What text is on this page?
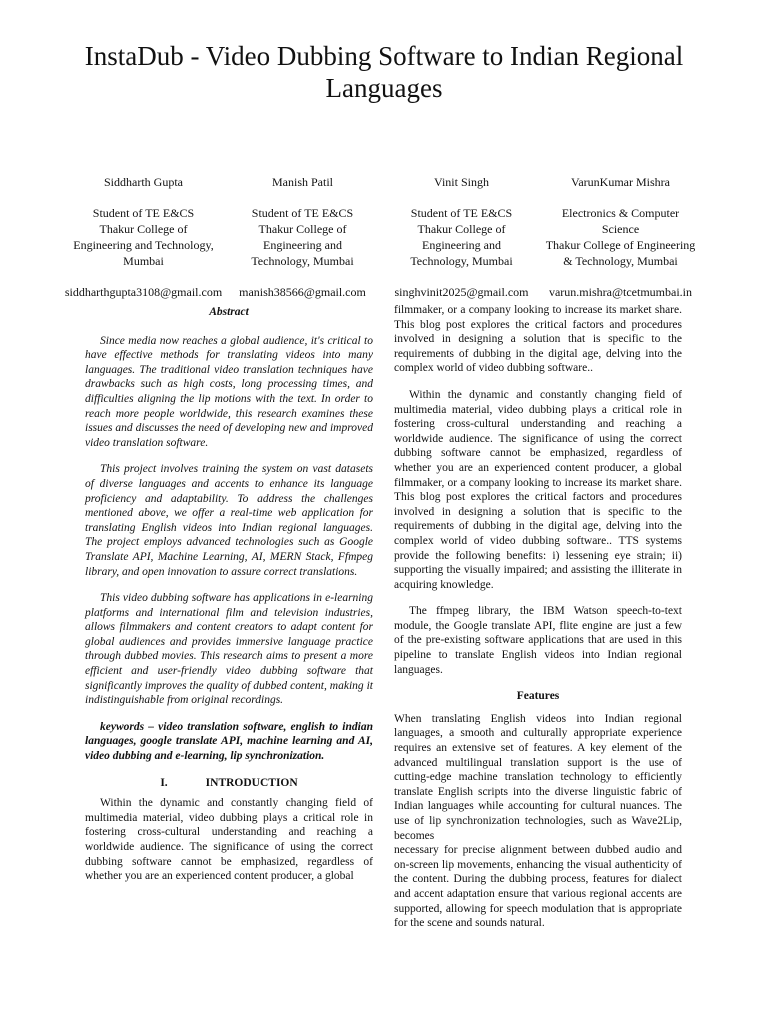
InstaDub - Video Dubbing Software to Indian Regional Languages

Siddharth Gupta

Student of TE E&CS
Thakur College of
Engineering and Technology,
Mumbai

siddharthgupta3108@gmail.com

Manish Patil

Student of TE E&CS
Thakur College of
Engineering and
Technology, Mumbai

manish38566@gmail.com

Vinit Singh

Student of TE E&CS
Thakur College of
Engineering and
Technology, Mumbai

singhvinit2025@gmail.com

VarunKumar Mishra

Electronics & Computer
Science
Thakur College of Engineering
& Technology, Mumbai

varun.mishra@tcetmumbai.in

Abstract

Since media now reaches a global audience, it's critical to have effective methods for translating videos into many languages. The traditional video translation techniques have drawbacks such as high costs, long processing times, and difficulties aligning the lip motions with the text. In order to reach more people worldwide, this research examines these issues and discusses the need of developing new and improved video translation software.

This project involves training the system on vast datasets of diverse languages and accents to enhance its language proficiency and adaptability. To address the challenges mentioned above, we offer a real-time web application for translating English videos into Indian regional languages. The project employs advanced technologies such as Google Translate API, Machine Learning, AI, MERN Stack, Ffmpeg library, and open innovation to assure correct translations.

This video dubbing software has applications in e-learning platforms and international film and television industries, allows filmmakers and content creators to adapt content for global audiences and provides immersive language practice through dubbed movies. This research aims to present a more efficient and user-friendly video dubbing software that significantly improves the quality of dubbed content, making it indistinguishable from original recordings.

keywords – video translation software, english to indian languages, google translate API, machine learning and AI, video dubbing and e-learning, lip synchronization.

I.	INTRODUCTION

Within the dynamic and constantly changing field of multimedia material, video dubbing plays a critical role in fostering cross-cultural understanding and reaching a worldwide audience. The significance of using the correct dubbing software cannot be emphasized, regardless of whether you are an experienced content producer, a global

filmmaker, or a company looking to increase its market share. This blog post explores the critical factors and procedures involved in designing a solution that is specific to the requirements of dubbing in the digital age, delving into the complex world of video dubbing software..

Within the dynamic and constantly changing field of multimedia material, video dubbing plays a critical role in fostering cross-cultural understanding and reaching a worldwide audience. The significance of using the correct dubbing software cannot be emphasized, regardless of whether you are an experienced content producer, a global filmmaker, or a company looking to increase its market share. This blog post explores the critical factors and procedures involved in designing a solution that is specific to the requirements of dubbing in the digital age, delving into the complex world of video dubbing software.. TTS systems provide the following benefits: i) lessening eye strain; ii) supporting the visually impaired; and assisting the illiterate in acquiring knowledge.

The ffmpeg library, the IBM Watson speech-to-text module, the Google translate API, flite engine are just a few of the pre-existing software applications that are used in this pipeline to translate English videos into Indian regional languages.

Features

When translating English videos into Indian regional languages, a smooth and culturally appropriate experience requires an extensive set of features. A key element of the advanced multilingual translation support is the use of cutting-edge machine translation technology to efficiently translate English scripts into the diverse linguistic fabric of Indian languages while accounting for cultural nuances. The use of lip synchronization technologies, such as Wave2Lip, becomes

necessary for precise alignment between dubbed audio and on-screen lip movements, enhancing the visual authenticity of the content. During the dubbing process, features for dialect and accent adaptation ensure that various regional accents are supported, allowing for speech modulation that is appropriate for the scene and sounds natural.
